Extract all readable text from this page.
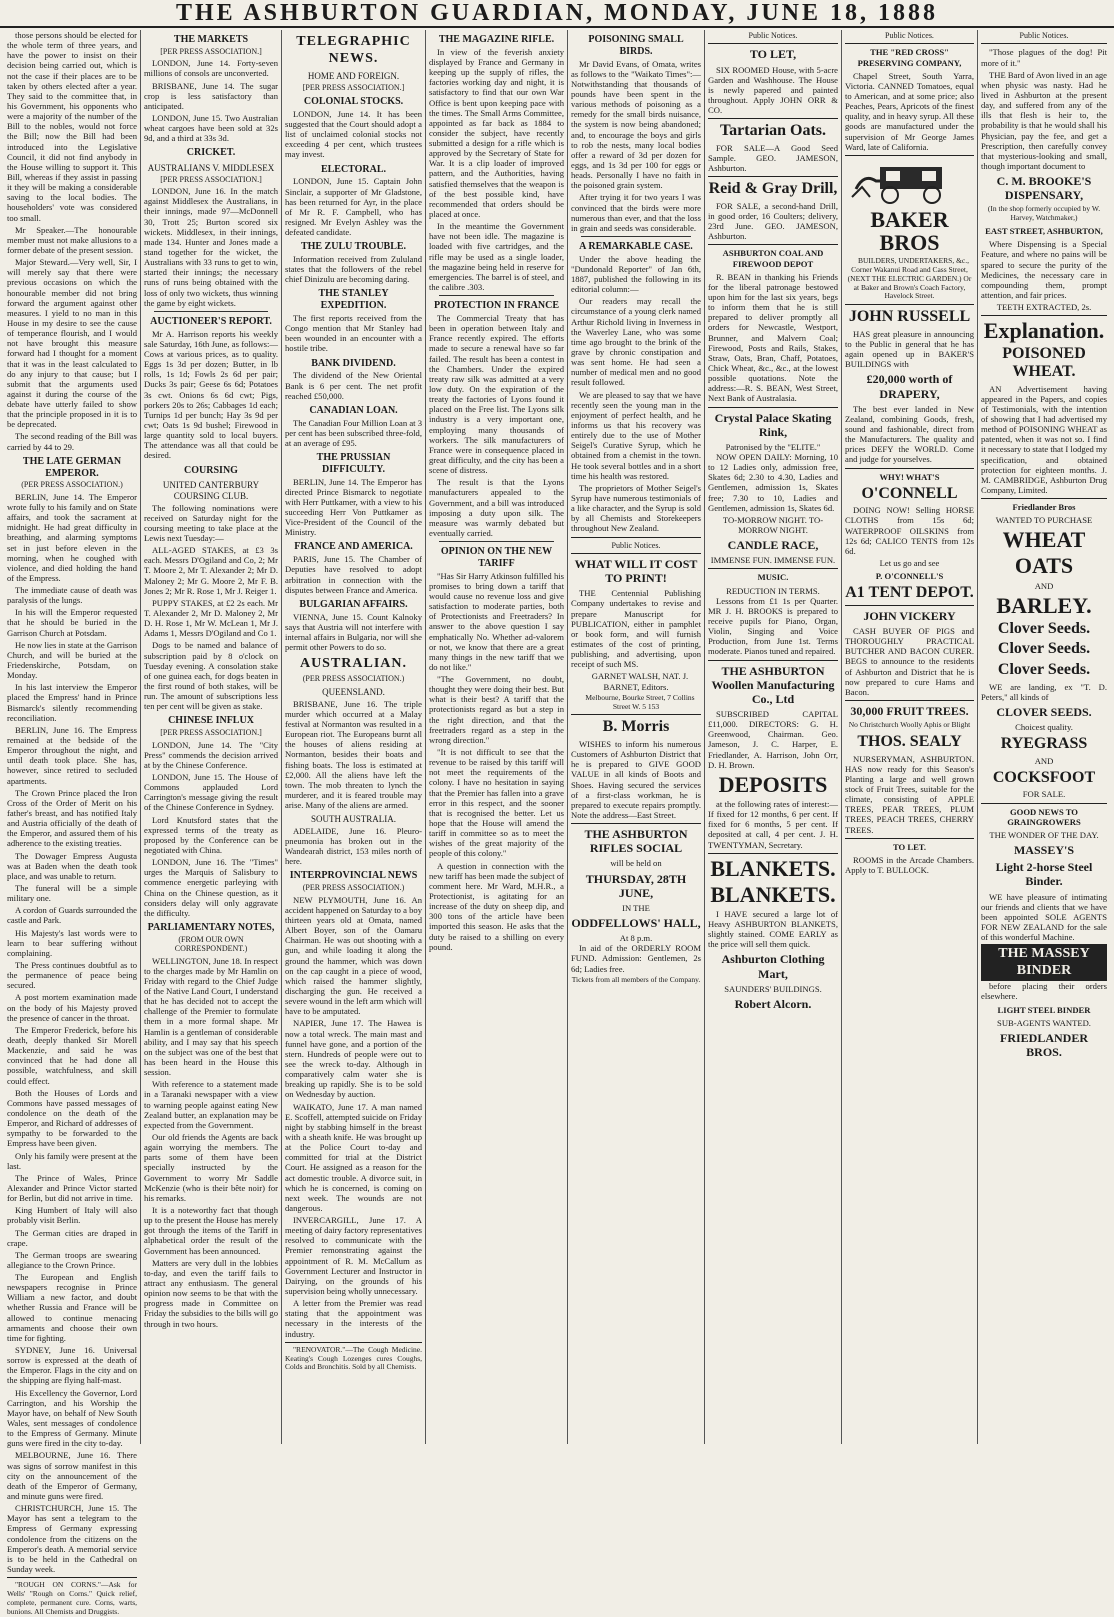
THE ASHBURTON GUARDIAN, MONDAY, JUNE 18, 1888

those persons should be elected for the whole term of three years, and have the power to insist on their decision being carried out, which is not the case if their places are to be taken by others elected after a year. They said to the committee that, in his Government, his opponents who were a majority of the number of the Bill to the nobles, would not force the Bill; now the Bill had been introduced into the Legislative Council, it did not find anybody in the House willing to support it. This Bill, whereas if they assist in passing it they will be making a considerable saving to the local bodies. The householders' vote was considered too small.

Mr Speaker.—The honourable member must not make allusions to a former debate of the present session.

Major Steward.—Very well, Sir, I will merely say that there were previous occasions on which the honourable member did not bring forward the argument against other measures. I yield to no man in this House in my desire to see the cause of temperance flourish, and I would not have brought this measure forward had I thought for a moment that it was in the least calculated to do any injury to that cause; but I submit that the arguments used against it during the course of the debate have utterly failed to show that the principle proposed in it is to be deprecated.

The second reading of the Bill was carried by 44 to 29.

THE LATE GERMAN EMPEROR.
(PER PRESS ASSOCIATION.)

BERLIN, June 14. The Emperor wrote fully to his family and on State affairs, and took the sacrament at midnight. He had great difficulty in breathing, and alarming symptoms set in just before eleven in the morning, when he coughed with violence, and died holding the hand of the Empress.

The immediate cause of death was paralysis of the lungs.

In his will the Emperor requested that he should be buried in the Garrison Church at Potsdam.

He now lies in state at the Garrison Church, and will be buried at the Friedenskirche, Potsdam, on Monday.

In his last interview the Emperor placed the Empress' hand in Prince Bismarck's silently recommending reconciliation.

BERLIN, June 16. The Empress remained at the bedside of the Emperor throughout the night, and until death took place. She has, however, since retired to secluded apartments.

The Crown Prince placed the Iron Cross of the Order of Merit on his father's breast, and has notified Italy and Austria officially of the death of the Emperor, and assured them of his adherence to the existing treaties.

The Dowager Empress Augusta was at Baden when the death took place, and was unable to return.

The funeral will be a simple military one.

A cordon of Guards surrounded the castle and Park.

His Majesty's last words were to learn to bear suffering without complaining.

The Press continues doubtful as to the permanence of peace being secured.

A post mortem examination made on the body of his Majesty proved the presence of cancer in the throat.

The Emperor Frederick, before his death, deeply thanked Sir Morell Mackenzie, and said he was convinced that he had done all possible, watchfulness, and skill could effect.

Both the Houses of Lords and Commons have passed messages of condolence on the death of the Emperor, and Richard of addresses of sympathy to be forwarded to the Empress have been given.

Only his family were present at the last.

The Prince of Wales, Prince Alexander and Prince Victor started for Berlin, but did not arrive in time.

King Humbert of Italy will also probably visit Berlin.

The German cities are draped in crape.

The German troops are swearing allegiance to the Crown Prince.

The European and English newspapers recognise in Prince William a new factor, and doubt whether Russia and France will be allowed to continue menacing armaments and choose their own time for fighting.

SYDNEY, June 16. Universal sorrow is expressed at the death of the Emperor. Flags in the city and on the shipping are flying half-mast.

His Excellency the Governor, Lord Carrington, and his Worship the Mayor have, on behalf of New South Wales, sent messages of condolence to the Empress of Germany. Minute guns were fired in the city to-day.

MELBOURNE, June 16. There was signs of sorrow manifest in this city on the announcement of the death of the Emperor of Germany, and minute guns were fired.

CHRISTCHURCH, June 15. The Mayor has sent a telegram to the Empress of Germany expressing condolence from the citizens on the Emperor's death. A memorial service is to be held in the Cathedral on Sunday week.

"ROUGH ON CORNS."—Ask for Wells' "Rough on Corns." Quick relief, complete, permanent cure. Corns, warts, bunions. All Chemists and Druggists.

THE MARKETS
[PER PRESS ASSOCIATION.]

LONDON, June 14. Forty-seven millions of consols are unconverted.

BRISBANE, June 14. The sugar crop is less satisfactory than anticipated.

LONDON, June 15. Two Australian wheat cargoes have been sold at 32s 9d, and a third at 33s 3d.

CRICKET.
AUSTRALIANS V. MIDDLESEX
[PER PRESS ASSOCIATION.]

LONDON, June 16. In the match against Middlesex the Australians, in their innings, made 97—McDonnell 30, Trott 25; Burton scored six wickets. Middlesex, in their innings, made 134. Hunter and Jones made a stand together for the wicket, the Australians with 33 runs to get to win, started their innings; the necessary runs of runs being obtained with the loss of only two wickets, thus winning the game by eight wickets.

AUCTIONEER'S REPORT.

Mr A. Harrison reports his weekly sale Saturday, 16th June, as follows:—Cows at various prices, as to quality. Eggs 1s 3d per dozen; Butter, in lb rolls, 1s 1d; Fowls 2s 6d per pair; Ducks 3s pair; Geese 6s 6d; Potatoes 3s cwt. Onions 6s 6d cwt; Pigs, porkers 20s to 26s; Cabbages 1d each; Turnips 1d per bunch; Hay 3s 9d per cwt; Oats 1s 9d bushel; Firewood in large quantity sold to local buyers. The attendance was all that could be desired.

COURSING
UNITED CANTERBURY COURSING CLUB.

The following nominations were received on Saturday night for the coursing meeting to take place at the Lewis next Tuesday:—

ALL-AGED STAKES, at £3 3s each. Messrs D'Ogiland and Co, 2; Mr T. Moore 2, Mr T. Alexander 2; Mr D. Maloney 2; Mr G. Moore 2, Mr F. B. Jones 2; Mr R. Rose 1, Mr J. Reiger 1.

PUPPY STAKES, at £2 2s each. Mr T. Alexander 2, Mr D. Maloney 2, Mr D. H. Rose 1, Mr W. McLean 1, Mr J. Adams 1, Messrs D'Ogiland and Co 1.

Dogs to be named and balance of subscription paid by 8 o'clock on Tuesday evening. A consolation stake of one guinea each, for dogs beaten in the first round of both stakes, will be run. The amount of subscriptions less ten per cent will be given as stake.

CHINESE INFLUX
[PER PRESS ASSOCIATION.]

LONDON, June 14. The "City Press" commends the decision arrived at by the Chinese Conference.

LONDON, June 15. The House of Commons applauded Lord Carrington's message giving the result of the Chinese Conference in Sydney.

Lord Knutsford states that the expressed terms of the treaty as proposed by the Conference can be negotiated with China.

LONDON, June 16. The "Times" urges the Marquis of Salisbury to commence energetic parleying with China on the Chinese question, as it considers delay will only aggravate the difficulty.

PARLIAMENTARY NOTES,
(FROM OUR OWN CORRESPONDENT.)

WELLINGTON, June 18. In respect to the charges made by Mr Hamlin on Friday with regard to the Chief Judge of the Native Land Court, I understand that he has decided not to accept the challenge of the Premier to formulate them in a more formal shape. Mr Hamlin is a gentleman of considerable ability, and I may say that his speech on the subject was one of the best that has been heard in the House this session.

With reference to a statement made in a Taranaki newspaper with a view to warning people against eating New Zealand butter, an explanation may be expected from the Government.

Our old friends the Agents are back again worrying the members. The parts some of them have been specially instructed by the Government to worry Mr Saddle McKenzie (who is their bête noir) for his remarks.

It is a noteworthy fact that though up to the present the House has merely got through the items of the Tariff in alphabetical order the result of the Government has been announced.

Matters are very dull in the lobbies to-day, and even the tariff fails to attract any enthusiasm. The general opinion now seems to be that with the progress made in Committee on Friday the subsidies to the bills will go through in two hours.

TELEGRAPHIC NEWS.
HOME AND FOREIGN.
[PER PRESS ASSOCIATION.]
COLONIAL STOCKS.

LONDON, June 14. It has been suggested that the Court should adopt a list of unclaimed colonial stocks not exceeding 4 per cent, which trustees may invest.

ELECTORAL.

LONDON, June 15. Captain John Sinclair, a supporter of Mr Gladstone, has been returned for Ayr, in the place of Mr R. F. Campbell, who has resigned. Mr Evelyn Ashley was the defeated candidate.

THE ZULU TROUBLE.

Information received from Zululand states that the followers of the rebel chief Dinizulu are becoming daring.

THE STANLEY EXPEDITION.

The first reports received from the Congo mention that Mr Stanley had been wounded in an encounter with a hostile tribe.

BANK DIVIDEND.

The dividend of the New Oriental Bank is 6 per cent. The net profit reached £50,000.

CANADIAN LOAN.

The Canadian Four Million Loan at 3 per cent has been subscribed three-fold, at an average of £95.

THE PRUSSIAN DIFFICULTY.

BERLIN, June 14. The Emperor has directed Prince Bismarck to negotiate with Herr Puttkamer, with a view to his succeeding Herr Von Puttkamer as Vice-President of the Council of the Ministry.

FRANCE AND AMERICA.

PARIS, June 15. The Chamber of Deputies have resolved to adopt arbitration in connection with the disputes between France and America.

BULGARIAN AFFAIRS.

VIENNA, June 15. Count Kalnoky says that Austria will not interfere with internal affairs in Bulgaria, nor will she permit other Powers to do so.

AUSTRALIAN.
(PER PRESS ASSOCIATION.)
QUEENSLAND.

BRISBANE, June 16. The triple murder which occurred at a Malay festival at Normanton was resulted in a European riot. The Europeans burnt all the houses of aliens residing at Normanton, besides their boats and fishing boats. The loss is estimated at £2,000. All the aliens have left the town. The mob threaten to lynch the murderer, and it is feared trouble may arise. Many of the aliens are armed.

SOUTH AUSTRALIA.

ADELAIDE, June 16. Pleuro-pneumonia has broken out in the Wandearah district, 153 miles north of here.

INTERPROVINCIAL NEWS
(PER PRESS ASSOCIATION.)

NEW PLYMOUTH, June 16. An accident happened on Saturday to a boy thirteen years old at Omata, named Albert Boyer, son of the Oamaru Chairman. He was out shooting with a gun, and while loading it along the ground the hammer, which was down on the cap caught in a piece of wood, which raised the hammer slightly, discharging the gun. He received a severe wound in the left arm which will have to be amputated.

NAPIER, June 17. The Hawea is now a total wreck. The main mast and funnel have gone, and a portion of the stern. Hundreds of people were out to see the wreck to-day. Although in comparatively calm water she is breaking up rapidly. She is to be sold on Wednesday by auction.

WAIKATO, June 17. A man named E. Scoffell, attempted suicide on Friday night by stabbing himself in the breast with a sheath knife. He was brought up at the Police Court to-day and committed for trial at the District Court. He assigned as a reason for the act domestic trouble. A divorce suit, in which he is concerned, is coming on next week. The wounds are not dangerous.

INVERCARGILL, June 17. A meeting of dairy factory representatives resolved to communicate with the Premier remonstrating against the appointment of R. M. McCallum as Government Lecturer and Instructor in Dairying, on the grounds of his supervision being wholly unnecessary.

A letter from the Premier was read stating that the appointment was necessary in the interests of the industry.

"RENOVATOR."—The Cough Medicine. Keating's Cough Lozenges cures Coughs, Colds and Bronchitis. Sold by all Chemists.

THE MAGAZINE RIFLE.

In view of the feverish anxiety displayed by France and Germany in keeping up the supply of rifles, the factories working day and night, it is satisfactory to find that our own War Office is bent upon keeping pace with the times. The Small Arms Committee, appointed as far back as 1884 to consider the subject, have recently submitted a design for a rifle which is approved by the Secretary of State for War. It is a clip loader of improved pattern, and the Authorities, having satisfied themselves that the weapon is of the best possible kind, have recommended that orders should be placed at once.

In the meantime the Government have not been idle. The magazine is loaded with five cartridges, and the rifle may be used as a single loader, the magazine being held in reserve for emergencies. The barrel is of steel, and the calibre .303.

PROTECTION IN FRANCE

The Commercial Treaty that has been in operation between Italy and France recently expired. The efforts made to secure a renewal have so far failed. The result has been a contest in the Chambers. Under the expired treaty raw silk was admitted at a very low duty. On the expiration of the treaty the factories of Lyons found it placed on the Free list. The Lyons silk industry is a very important one, employing many thousands of workers. The silk manufacturers of France were in consequence placed in great difficulty, and the city has been a scene of distress.

The result is that the Lyons manufacturers appealed to the Government, and a bill was introduced imposing a duty upon silk. The measure was warmly debated but eventually carried.

OPINION ON THE NEW TARIFF

"Has Sir Harry Atkinson fulfilled his promises to bring down a tariff that would cause no revenue loss and give satisfaction to moderate parties, both of Protectionists and Freetraders? In answer to the above question I say emphatically No. Whether ad-valorem or not, we know that there are a great many things in the new tariff that we do not like."

"The Government, no doubt, thought they were doing their best. But what is their best? A tariff that the protectionists regard as but a step in the right direction, and that the freetraders regard as a step in the wrong direction."

"It is not difficult to see that the revenue to be raised by this tariff will not meet the requirements of the colony. I have no hesitation in saying that the Premier has fallen into a grave error in this respect, and the sooner that is recognised the better. Let us hope that the House will amend the tariff in committee so as to meet the wishes of the great majority of the people of this colony."

A question in connection with the new tariff has been made the subject of comment here. Mr Ward, M.H.R., a Protectionist, is agitating for an increase of the duty on sheep dip, and 300 tons of the article have been imported this season. He asks that the duty be raised to a shilling on every pound.

POISONING SMALL BIRDS.

Mr David Evans, of Omata, writes as follows to the "Waikato Times":—Notwithstanding that thousands of pounds have been spent in the various methods of poisoning as a remedy for the small birds nuisance, the system is now being abandoned; and, to encourage the boys and girls to rob the nests, many local bodies offer a reward of 3d per dozen for eggs, and 1s 3d per 100 for eggs or heads. Personally I have no faith in the poisoned grain system.

After trying it for two years I was convinced that the birds were more numerous than ever, and that the loss in grain and seeds was considerable.

A REMARKABLE CASE.

Under the above heading the "Dundonald Reporter" of Jan 6th, 1887, published the following in its editorial column:—

Our readers may recall the circumstance of a young clerk named Arthur Richold living in Inverness in the Waverley Lane, who was some time ago brought to the brink of the grave by chronic constipation and was sent home. He had seen a number of medical men and no good result followed.

We are pleased to say that we have recently seen the young man in the enjoyment of perfect health, and he informs us that his recovery was entirely due to the use of Mother Seigel's Curative Syrup, which he obtained from a chemist in the town. He took several bottles and in a short time his health was restored.

The proprietors of Mother Seigel's Syrup have numerous testimonials of a like character, and the Syrup is sold by all Chemists and Storekeepers throughout New Zealand.

Public Notices.
WHAT WILL IT COST TO PRINT!

THE Centennial Publishing Company undertakes to revise and prepare Manuscript for PUBLICATION, either in pamphlet or book form, and will furnish estimates of the cost of printing, publishing, and advertising, upon receipt of such MS.

GARNET WALSH, NAT. J. BARNET, Editors.

Melbourne, Bourke Street, 7 Collins Street W. 5 153

B. Morris

WISHES to inform his numerous Customers of Ashburton District that he is prepared to GIVE GOOD VALUE in all kinds of Boots and Shoes. Having secured the services of a first-class workman, he is prepared to execute repairs promptly. Note the address—East Street.

THE ASHBURTON RIFLES SOCIAL
will be held on
THURSDAY, 28TH JUNE,
IN THE
ODDFELLOWS' HALL,
At 8 p.m.

In aid of the ORDERLY ROOM FUND. Admission: Gentlemen, 2s 6d; Ladies free.

Tickets from all members of the Company.
Public Notices.
TO LET,

SIX ROOMED House, with 5-acre Garden and Washhouse. The House is newly papered and painted throughout. Apply JOHN ORR & CO.

Tartarian Oats.

FOR SALE—A Good Seed Sample. GEO. JAMESON, Ashburton.

Reid & Gray Drill,

FOR SALE, a second-hand Drill, in good order, 16 Coulters; delivery, 23rd June. GEO. JAMESON, Ashburton.

ASHBURTON COAL AND FIREWOOD DEPOT

R. BEAN in thanking his Friends for the liberal patronage bestowed upon him for the last six years, begs to inform them that he is still prepared to deliver promptly all orders for Newcastle, Westport, Brunner, and Malvern Coal; Firewood, Posts and Rails, Stakes, Straw, Oats, Bran, Chaff, Potatoes, Chick Wheat, &c., &c., at the lowest possible quotations. Note the address:—R. S. BEAN, West Street, Next Bank of Australasia.

Crystal Palace Skating Rink,
Patronised by the "ELITE."

NOW OPEN DAILY: Morning, 10 to 12 Ladies only, admission free, Skates 6d; 2.30 to 4.30, Ladies and Gentlemen, admission 1s, Skates free; 7.30 to 10, Ladies and Gentlemen, admission 1s, Skates 6d.

TO-MORROW NIGHT. TO-MORROW NIGHT.
CANDLE RACE,
IMMENSE FUN. IMMENSE FUN.
MUSIC.
REDUCTION IN TERMS.

Lessons from £1 1s per Quarter. MR J. H. BROOKS is prepared to receive pupils for Piano, Organ, Violin, Singing and Voice Production, from June 1st. Terms moderate. Pianos tuned and repaired.

THE ASHBURTON Woollen Manufacturing Co., Ltd

SUBSCRIBED CAPITAL £11,000. DIRECTORS: G. H. Greenwood, Chairman. Geo. Jameson, J. C. Harper, E. Friedlander, A. Harrison, John Orr, D. H. Brown.

DEPOSITS

at the following rates of interest:—If fixed for 12 months, 6 per cent. If fixed for 6 months, 5 per cent. If deposited at call, 4 per cent. J. H. TWENTYMAN, Secretary.

BLANKETS.
BLANKETS.

I HAVE secured a large lot of Heavy ASHBURTON BLANKETS, slightly stained. COME EARLY as the price will sell them quick.

Ashburton Clothing Mart,
SAUNDERS' BUILDINGS.
Robert Alcorn.
Public Notices.
THE "RED CROSS" PRESERVING COMPANY,

Chapel Street, South Yarra, Victoria. CANNED Tomatoes, equal to American, and at some price; also Peaches, Pears, Apricots of the finest quality, and in heavy syrup. All these goods are manufactured under the supervision of Mr George James Ward, late of California.

BAKER BROS

BUILDERS, UNDERTAKERS, &c., Corner Wakanui Road and Cass Street, (NEXT THE ELECTRIC GARDEN.) Or at Baker and Brown's Coach Factory, Havelock Street.

JOHN RUSSELL

HAS great pleasure in announcing to the Public in general that he has again opened up in BAKER'S BUILDINGS with

£20,000 worth of DRAPERY,

The best ever landed in New Zealand, combining Goods, fresh, sound and fashionable, direct from the Manufacturers. The quality and prices DEFY the WORLD. Come and judge for yourselves.

WHY! WHAT'S
O'CONNELL

DOING NOW! Selling HORSE CLOTHS from 15s 6d; WATERPROOF OILSKINS from 12s 6d; CALICO TENTS from 12s 6d.

Let us go and see
P. O'CONNELL'S
A1 TENT DEPOT.
JOHN VICKERY

CASH BUYER OF PIGS and THOROUGHLY PRACTICAL BUTCHER AND BACON CURER. BEGS to announce to the residents of Ashburton and District that he is now prepared to cure Hams and Bacon.

30,000 FRUIT TREES.
No Christchurch Woolly Aphis or Blight
THOS. SEALY

NURSERYMAN, ASHBURTON. HAS now ready for this Season's Planting a large and well grown stock of Fruit Trees, suitable for the climate, consisting of APPLE TREES, PEAR TREES, PLUM TREES, PEACH TREES, CHERRY TREES.

TO LET.

ROOMS in the Arcade Chambers. Apply to T. BULLOCK.

Public Notices.

"Those plagues of the dog! Pit more of it."

THE Bard of Avon lived in an age when physic was nasty. Had he lived in Ashburton at the present day, and suffered from any of the ills that flesh is heir to, the probability is that he would shall his Physician, pay the fee, and get a Prescription, then carefully convey that mysterious-looking and small, though important document to

C. M. BROOKE'S DISPENSARY,
(In the shop formerly occupied by W. Harvey, Watchmaker,)
EAST STREET, ASHBURTON,

Where Dispensing is a Special Feature, and where no pains will be spared to secure the purity of the Medicines, the necessary care in compounding them, prompt attention, and fair prices.

TEETH EXTRACTED, 2s.
Explanation.
POISONED WHEAT.

AN Advertisement having appeared in the Papers, and copies of Testimonials, with the intention of showing that I had advertised my method of POISONING WHEAT as patented, when it was not so. I find it necessary to state that I lodged my specification, and obtained protection for eighteen months. J. M. CAMBRIDGE, Ashburton Drug Company, Limited.

Friedlander Bros
WANTED TO PURCHASE
WHEAT
OATS
AND
BARLEY.
Clover Seeds.
Clover Seeds.
Clover Seeds.

WE are landing, ex "T. D. Peters," all kinds of

CLOVER SEEDS.
Choicest quality.
RYEGRASS
AND
COCKSFOOT
FOR SALE.
GOOD NEWS TO GRAINGROWERS
THE WONDER OF THE DAY.
MASSEY'S
Light 2-horse Steel Binder.

WE have pleasure of intimating our friends and clients that we have been appointed SOLE AGENTS FOR NEW ZEALAND for the sale of this wonderful Machine.

THE MASSEY BINDER

before placing their orders elsewhere.

LIGHT STEEL BINDER
SUB-AGENTS WANTED.
FRIEDLANDER BROS.
